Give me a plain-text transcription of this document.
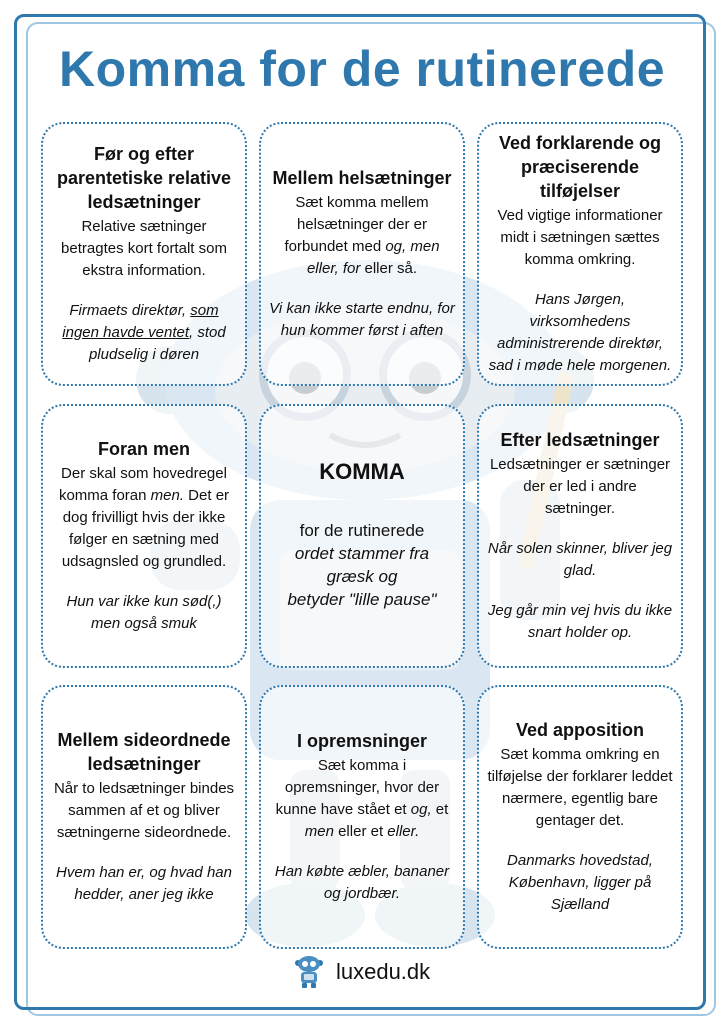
Komma for de rutinerede
Før og efter parentetiske relative ledsætninger

Relative sætninger betragtes kort fortalt som ekstra information.

Firmaets direktør, som ingen havde ventet, stod pludselig i døren

Mellem helsætninger

Sæt komma mellem helsætninger der er forbundet med og, men eller, for eller så.

Vi kan ikke starte endnu, for hun kommer først i aften

Ved forklarende og præciserende tilføjelser

Ved vigtige informationer midt i sætningen sættes komma omkring.

Hans Jørgen, virksomhedens administrerende direktør, sad i møde hele morgenen.

Foran men

Der skal som hovedregel komma foran men. Det er dog frivilligt hvis der ikke følger en sætning med udsagnsled og grundled.

Hun var ikke kun sød(,) men også smuk

KOMMA

for de rutinerede
ordet stammer fra græsk og
betyder "lille pause"

Efter ledsætninger

Ledsætninger er sætninger der er led i andre sætninger.

Når solen skinner, bliver jeg glad.

Jeg går min vej hvis du ikke snart holder op.

Mellem sideordnede ledsætninger

Når to ledsætninger bindes sammen af et og bliver sætningerne sideordnede.

Hvem han er, og hvad han hedder, aner jeg ikke

I opremsninger

Sæt komma i opremsninger, hvor der kunne have stået et og, et men eller et eller.

Han købte æbler, bananer og jordbær.

Ved apposition

Sæt komma omkring en tilføjelse der forklarer leddet nærmere, egentlig bare gentager det.

Danmarks hovedstad, København, ligger på Sjælland

luxedu.dk
